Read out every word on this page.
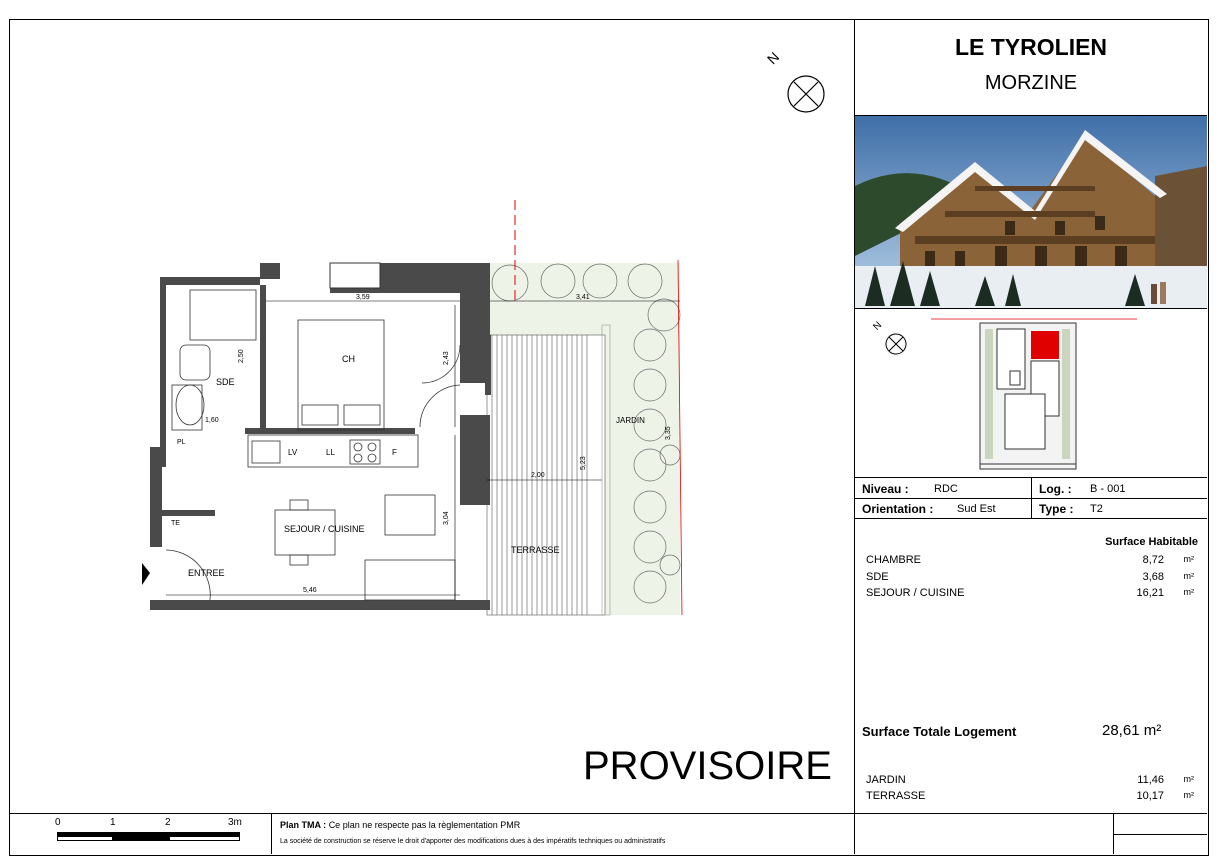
LE TYROLIEN
MORZINE
N
Niveau : RDC	Log. : B - 001
Orientation : Sud Est	Type : T2
Surface Habitable
CHAMBRE	8,72 m²
SDE	3,68 m²
SEJOUR / CUISINE	16,21 m²
Surface Totale Logement	28,61 m²
JARDIN	11,46 m²
TERRASSE	10,17 m²
PROVISOIRE
N
CH
SDE
PL
LV	LL	F
TE
SEJOUR / CUISINE
ENTREE
TERRASSE
JARDIN
3,59
2,50
1,60
2,43
3,04
5,46
3,41
2,00
5,23
3,35
0	1	2	3m	Plan TMA : Ce plan ne respecte pas la règlementation PMR
La société de construction se réserve le droit d'apporter des modifications dues à des impératifs techniques ou administratifs
